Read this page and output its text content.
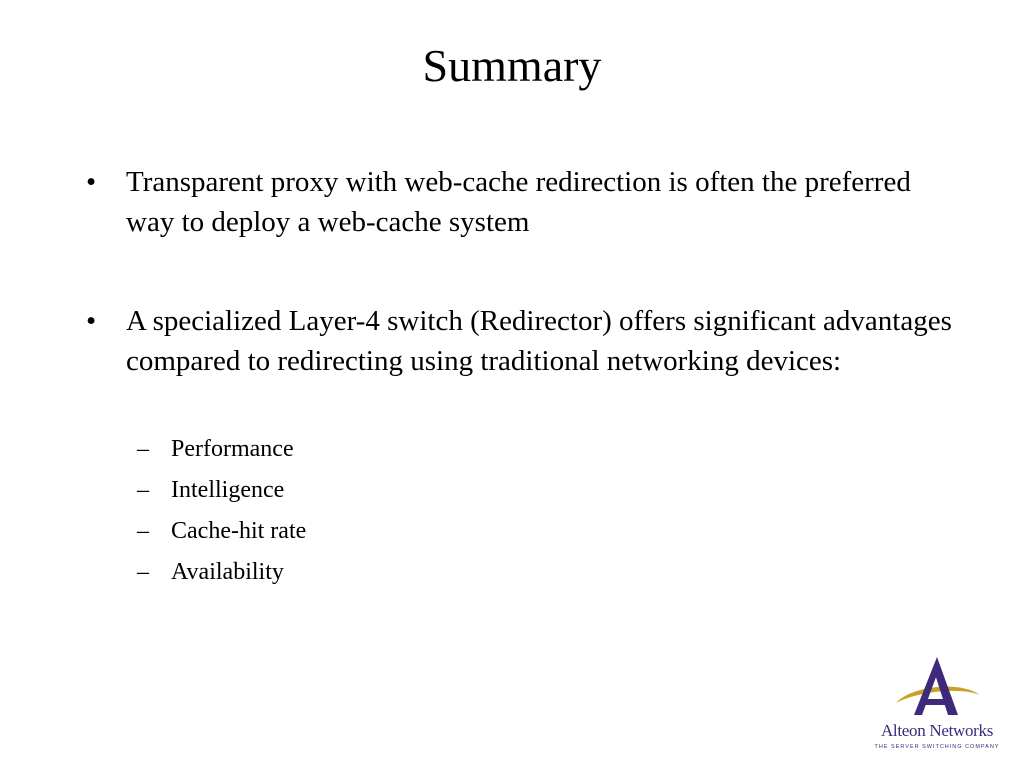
Summary
• Transparent proxy with web-cache redirection is often the preferred way to deploy a web-cache system
• A specialized Layer-4 switch (Redirector) offers significant advantages compared to redirecting using traditional networking devices:
– Performance
– Intelligence
– Cache-hit rate
– Availability
Alteon Networks
THE SERVER SWITCHING COMPANY
